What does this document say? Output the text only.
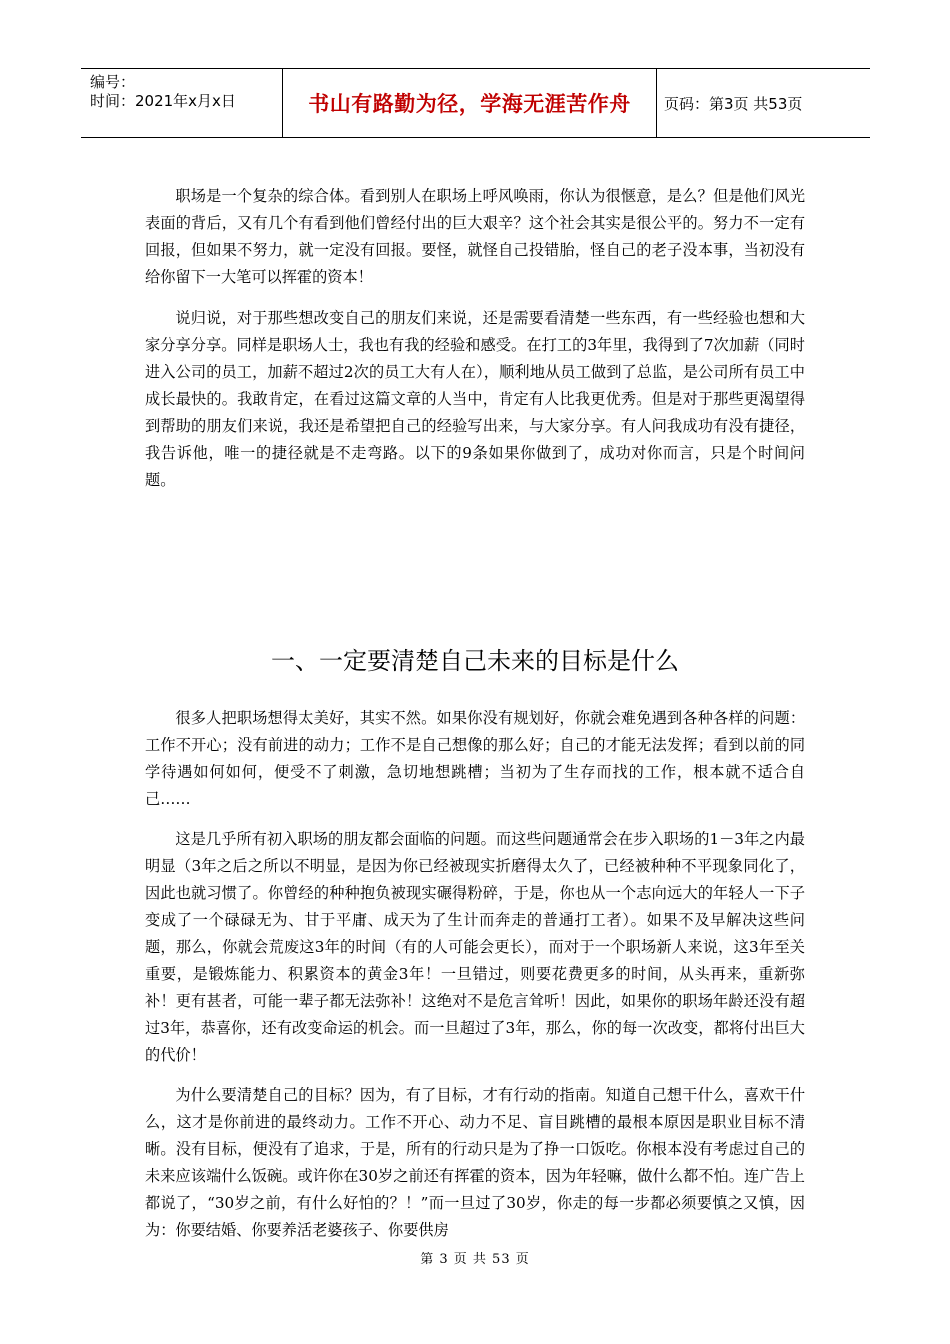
编号：
时间：2021年x月x日	书山有路勤为径，学海无涯苦作舟	页码：第3页 共53页

职场是一个复杂的综合体。看到别人在职场上呼风唤雨，你认为很惬意，是么？但是他们风光表面的背后，又有几个有看到他们曾经付出的巨大艰辛？这个社会其实是很公平的。努力不一定有回报，但如果不努力，就一定没有回报。要怪，就怪自己投错胎，怪自己的老子没本事，当初没有给你留下一大笔可以挥霍的资本！

说归说，对于那些想改变自己的朋友们来说，还是需要看清楚一些东西，有一些经验也想和大家分享分享。同样是职场人士，我也有我的经验和感受。在打工的3年里，我得到了7次加薪（同时进入公司的员工，加薪不超过2次的员工大有人在），顺利地从员工做到了总监，是公司所有员工中成长最快的。我敢肯定，在看过这篇文章的人当中，肯定有人比我更优秀。但是对于那些更渴望得到帮助的朋友们来说，我还是希望把自己的经验写出来，与大家分享。有人问我成功有没有捷径，我告诉他，唯一的捷径就是不走弯路。以下的9条如果你做到了，成功对你而言，只是个时间问题。

一、一定要清楚自己未来的目标是什么

很多人把职场想得太美好，其实不然。如果你没有规划好，你就会难免遇到各种各样的问题：工作不开心；没有前进的动力；工作不是自己想像的那么好；自己的才能无法发挥；看到以前的同学待遇如何如何，便受不了刺激，急切地想跳槽；当初为了生存而找的工作，根本就不适合自己……

这是几乎所有初入职场的朋友都会面临的问题。而这些问题通常会在步入职场的1－3年之内最明显（3年之后之所以不明显，是因为你已经被现实折磨得太久了，已经被种种不平现象同化了，因此也就习惯了。你曾经的种种抱负被现实碾得粉碎，于是，你也从一个志向远大的年轻人一下子变成了一个碌碌无为、甘于平庸、成天为了生计而奔走的普通打工者）。如果不及早解决这些问题，那么，你就会荒废这3年的时间（有的人可能会更长），而对于一个职场新人来说，这3年至关重要，是锻炼能力、积累资本的黄金3年！一旦错过，则要花费更多的时间，从头再来，重新弥补！更有甚者，可能一辈子都无法弥补！这绝对不是危言耸听！因此，如果你的职场年龄还没有超过3年，恭喜你，还有改变命运的机会。而一旦超过了3年，那么，你的每一次改变，都将付出巨大的代价！

为什么要清楚自己的目标？因为，有了目标，才有行动的指南。知道自己想干什么，喜欢干什么，这才是你前进的最终动力。工作不开心、动力不足、盲目跳槽的最根本原因是职业目标不清晰。没有目标，便没有了追求，于是，所有的行动只是为了挣一口饭吃。你根本没有考虑过自己的未来应该端什么饭碗。或许你在30岁之前还有挥霍的资本，因为年轻嘛，做什么都不怕。连广告上都说了，“30岁之前，有什么好怕的？！”而一旦过了30岁，你走的每一步都必须要慎之又慎，因为：你要结婚、你要养活老婆孩子、你要供房

第 3 页 共 53 页
